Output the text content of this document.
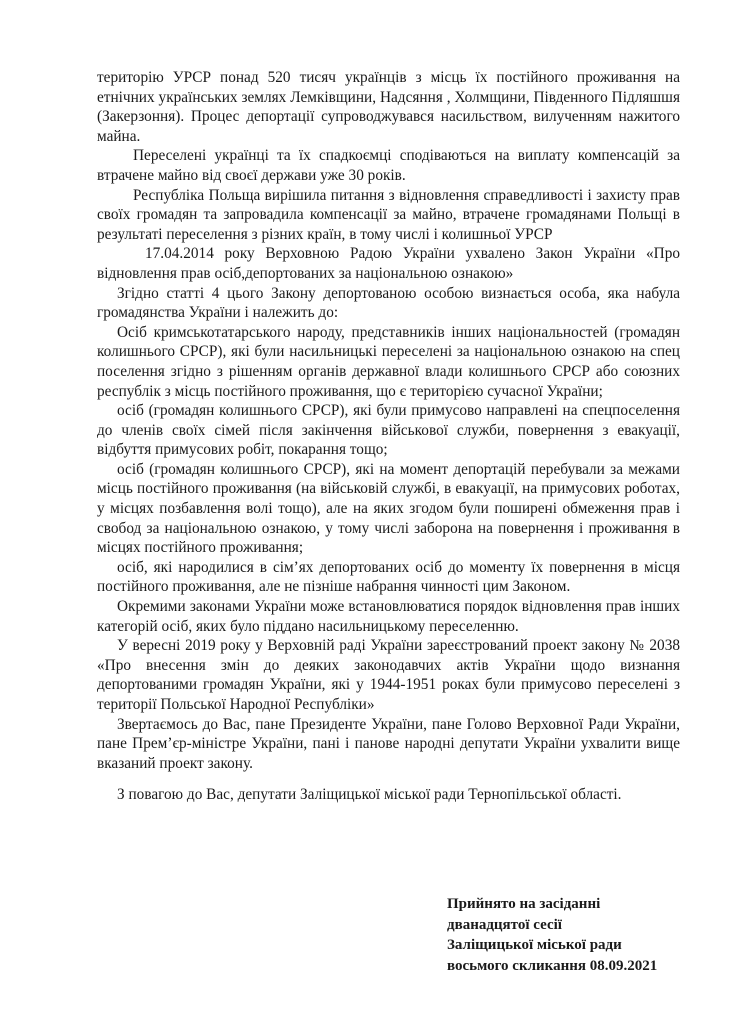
територію УРСР понад 520 тисяч українців з місць їх постійного проживання на етнічних українських землях Лемківщини, Надсяння , Холмщини, Південного Підляшшя (Закерзоння). Процес депортації супроводжувався насильством, вилученням нажитого майна.

Переселені українці та їх спадкоємці сподіваються на виплату компенсацій за втрачене майно від своєї держави уже 30 років.

Республіка Польща вирішила питання з відновлення справедливості і захисту прав своїх громадян та запровадила компенсації за майно, втрачене громадянами Польщі в результаті переселення з різних країн, в тому числі і колишньої УРСР

17.04.2014 року Верховною Радою України ухвалено Закон України «Про відновлення прав осіб,депортованих за національною ознакою»

Згідно статті 4 цього Закону депортованою особою визнається особа, яка набула громадянства України і належить до:

Осіб кримськотатарського народу, представників інших національностей (громадян колишнього СРСР), які були насильницькі переселені за національною ознакою на спец поселення згідно з рішенням органів державної влади колишнього СРСР або союзних республік з місць постійного проживання, що є територією сучасної України;

осіб (громадян колишнього СРСР), які були примусово направлені на спецпоселення до членів своїх сімей після закінчення військової служби, повернення з евакуації, відбуття примусових робіт, покарання тощо;

осіб (громадян колишнього СРСР), які на момент депортацій перебували за межами місць постійного проживання (на військовій службі, в евакуації, на примусових роботах, у місцях позбавлення волі тощо), але на яких згодом були поширені обмеження прав і свобод за національною ознакою, у тому числі заборона на повернення і проживання в місцях постійного проживання;

осіб, які народилися в сім’ях депортованих осіб до моменту їх повернення в місця постійного проживання, але не пізніше набрання чинності цим Законом.

Окремими законами України може встановлюватися порядок відновлення прав інших категорій осіб, яких було піддано насильницькому переселенню.

У вересні 2019 року у Верховній раді України зареєстрований проект закону № 2038 «Про внесення змін до деяких законодавчих актів України щодо визнання депортованими громадян України, які у 1944-1951 роках були примусово переселені з території Польської Народної Республіки»

Звертаємось до Вас, пане Президенте України, пане Голово Верховної Ради України, пане Прем’єр-міністре України, пані і панове народні депутати України ухвалити вище вказаний проект закону.

З повагою до Вас, депутати Заліщицької міської ради Тернопільської області.

Прийнято на засіданні
дванадцятої сесії
Заліщицької міської ради
восьмого скликання 08.09.2021
